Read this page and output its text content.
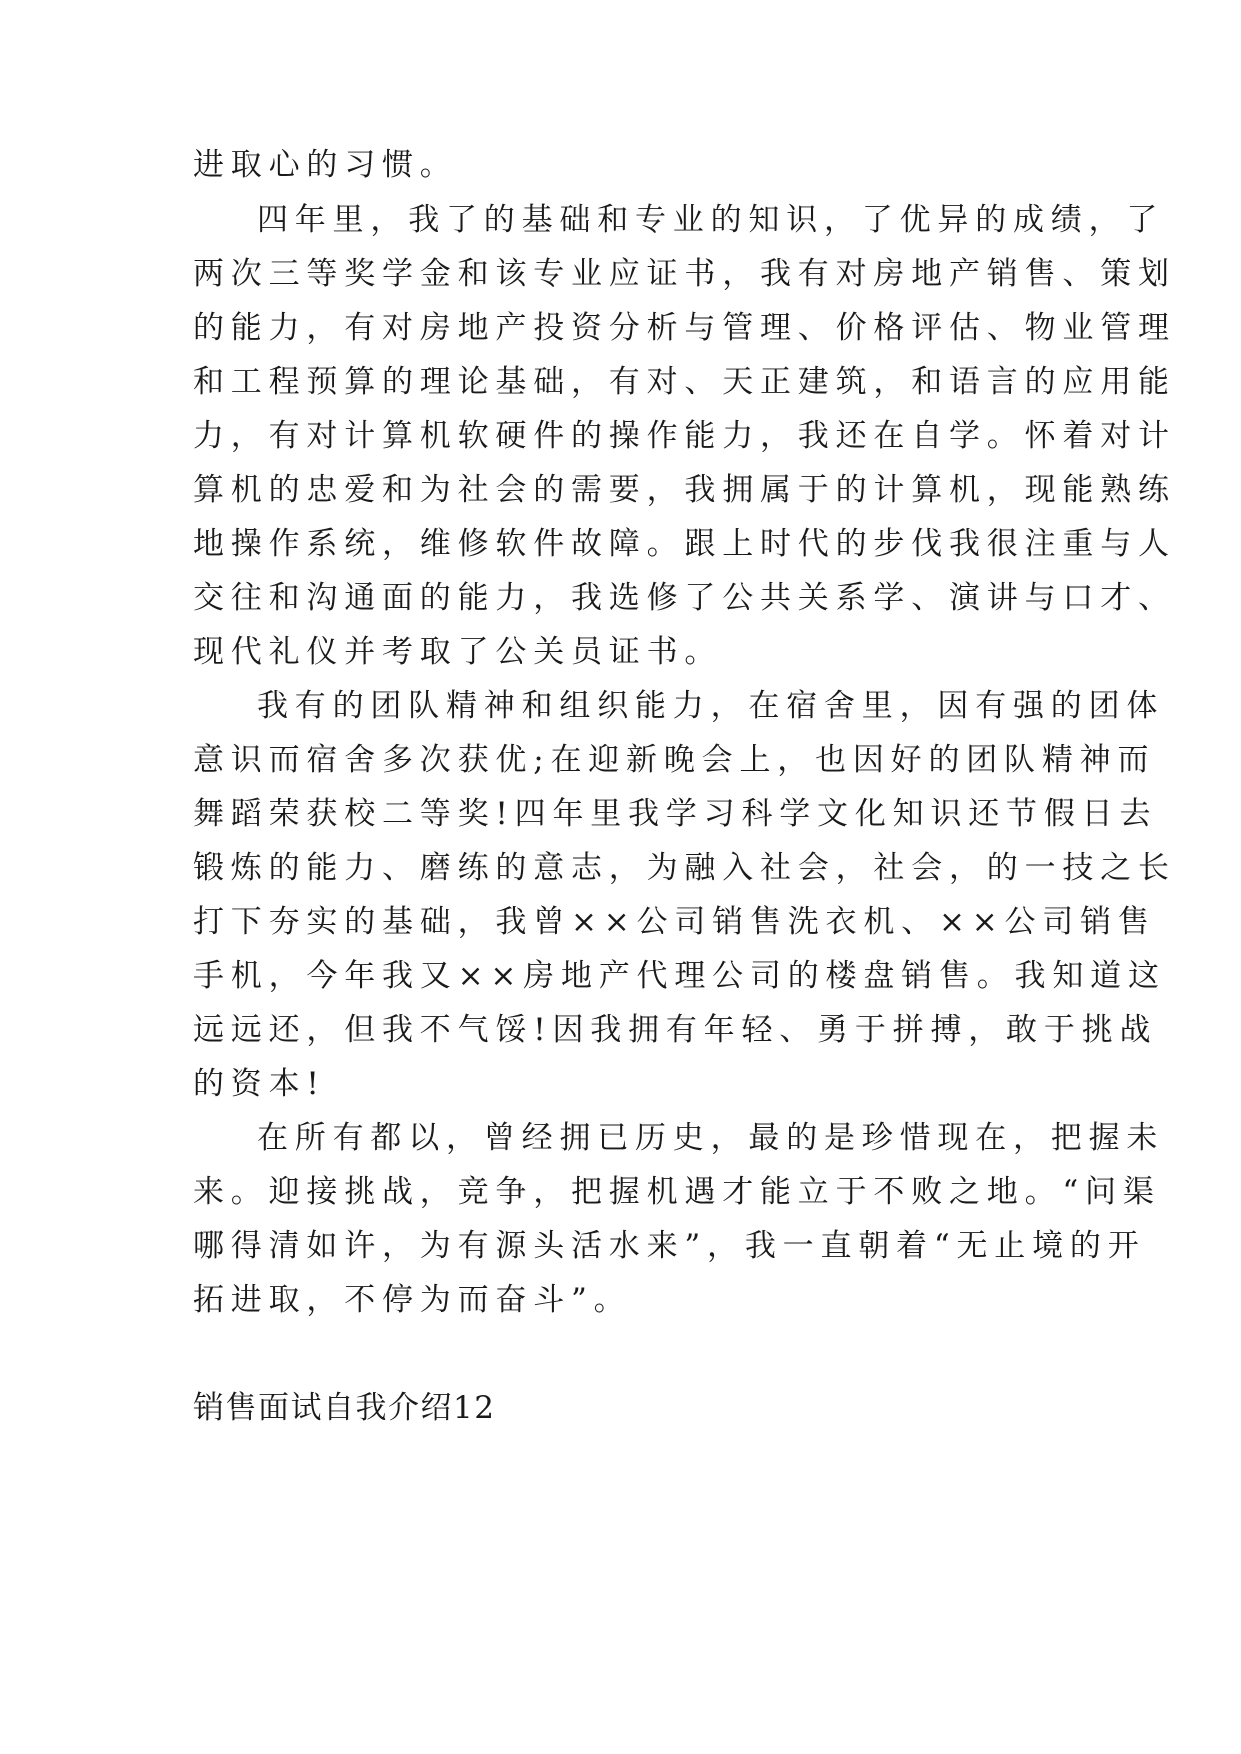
进取心的习惯。
四年里，我了的基础和专业的知识，了优异的成绩，了
两次三等奖学金和该专业应证书，我有对房地产销售、策划
的能力，有对房地产投资分析与管理、价格评估、物业管理
和工程预算的理论基础，有对、天正建筑，和语言的应用能
力，有对计算机软硬件的操作能力，我还在自学。怀着对计
算机的忠爱和为社会的需要，我拥属于的计算机，现能熟练
地操作系统，维修软件故障。跟上时代的步伐我很注重与人
交往和沟通面的能力，我选修了公共关系学、演讲与口才、
现代礼仪并考取了公关员证书。
我有的团队精神和组织能力，在宿舍里，因有强的团体
意识而宿舍多次获优;在迎新晚会上，也因好的团队精神而
舞蹈荣获校二等奖!四年里我学习科学文化知识还节假日去
锻炼的能力、磨练的意志，为融入社会，社会，的一技之长
打下夯实的基础，我曾××公司销售洗衣机、××公司销售
手机，今年我又××房地产代理公司的楼盘销售。我知道这
远远还，但我不气馁!因我拥有年轻、勇于拼搏，敢于挑战
的资本!
在所有都以，曾经拥已历史，最的是珍惜现在，把握未
来。迎接挑战，竞争，把握机遇才能立于不败之地。“问渠
哪得清如许，为有源头活水来”，我一直朝着“无止境的开
拓进取，不停为而奋斗”。
销售面试自我介绍12
